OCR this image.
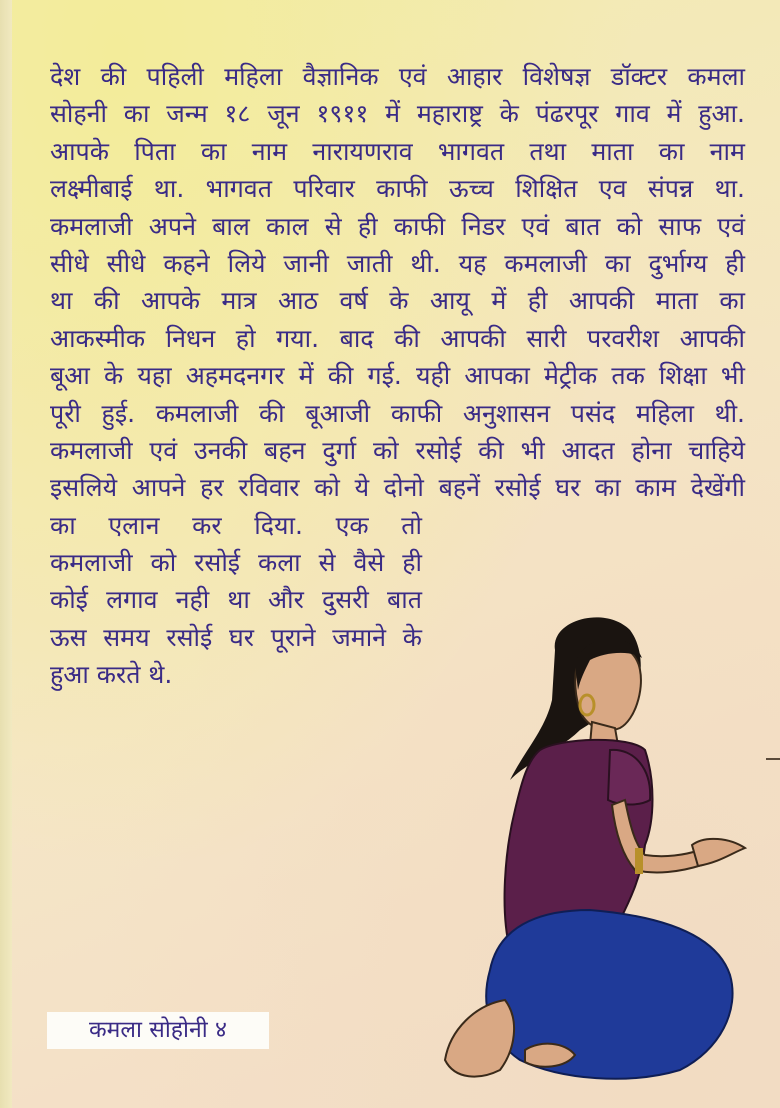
देश की पहिली महिला वैज्ञानिक एवं आहार विशेषज्ञ डॉक्टर कमला
सोहनी का जन्म १८ जून १९११ में महाराष्ट्र के पंढरपूर गाव में हुआ.
आपके पिता का नाम नारायणराव भागवत तथा माता का नाम
लक्ष्मीबाई था. भागवत परिवार काफी ऊच्च शिक्षित एव संपन्न था.
कमलाजी अपने बाल काल से ही काफी निडर एवं बात को साफ एवं
सीधे सीधे कहने लिये जानी जाती थी. यह कमलाजी का दुर्भाग्य ही
था की आपके मात्र आठ वर्ष के आयू में ही आपकी माता का
आकस्मीक निधन हो गया. बाद की आपकी सारी परवरीश आपकी
बूआ के यहा अहमदनगर में की गई. यही आपका मेट्रीक तक शिक्षा भी
पूरी हुई. कमलाजी की बूआजी काफी अनुशासन पसंद महिला थी.
कमलाजी एवं उनकी बहन दुर्गा को रसोई की भी आदत होना चाहिये
इसलिये आपने हर रविवार को ये दोनो बहनें रसोई घर का काम देखेंगी
का एलान कर दिया. एक तो
कमलाजी को रसोई कला से वैसे ही
कोई लगाव नही था और दुसरी बात
ऊस समय रसोई घर पूराने जमाने के
हुआ करते थे.
कमला सोहोनी ४
